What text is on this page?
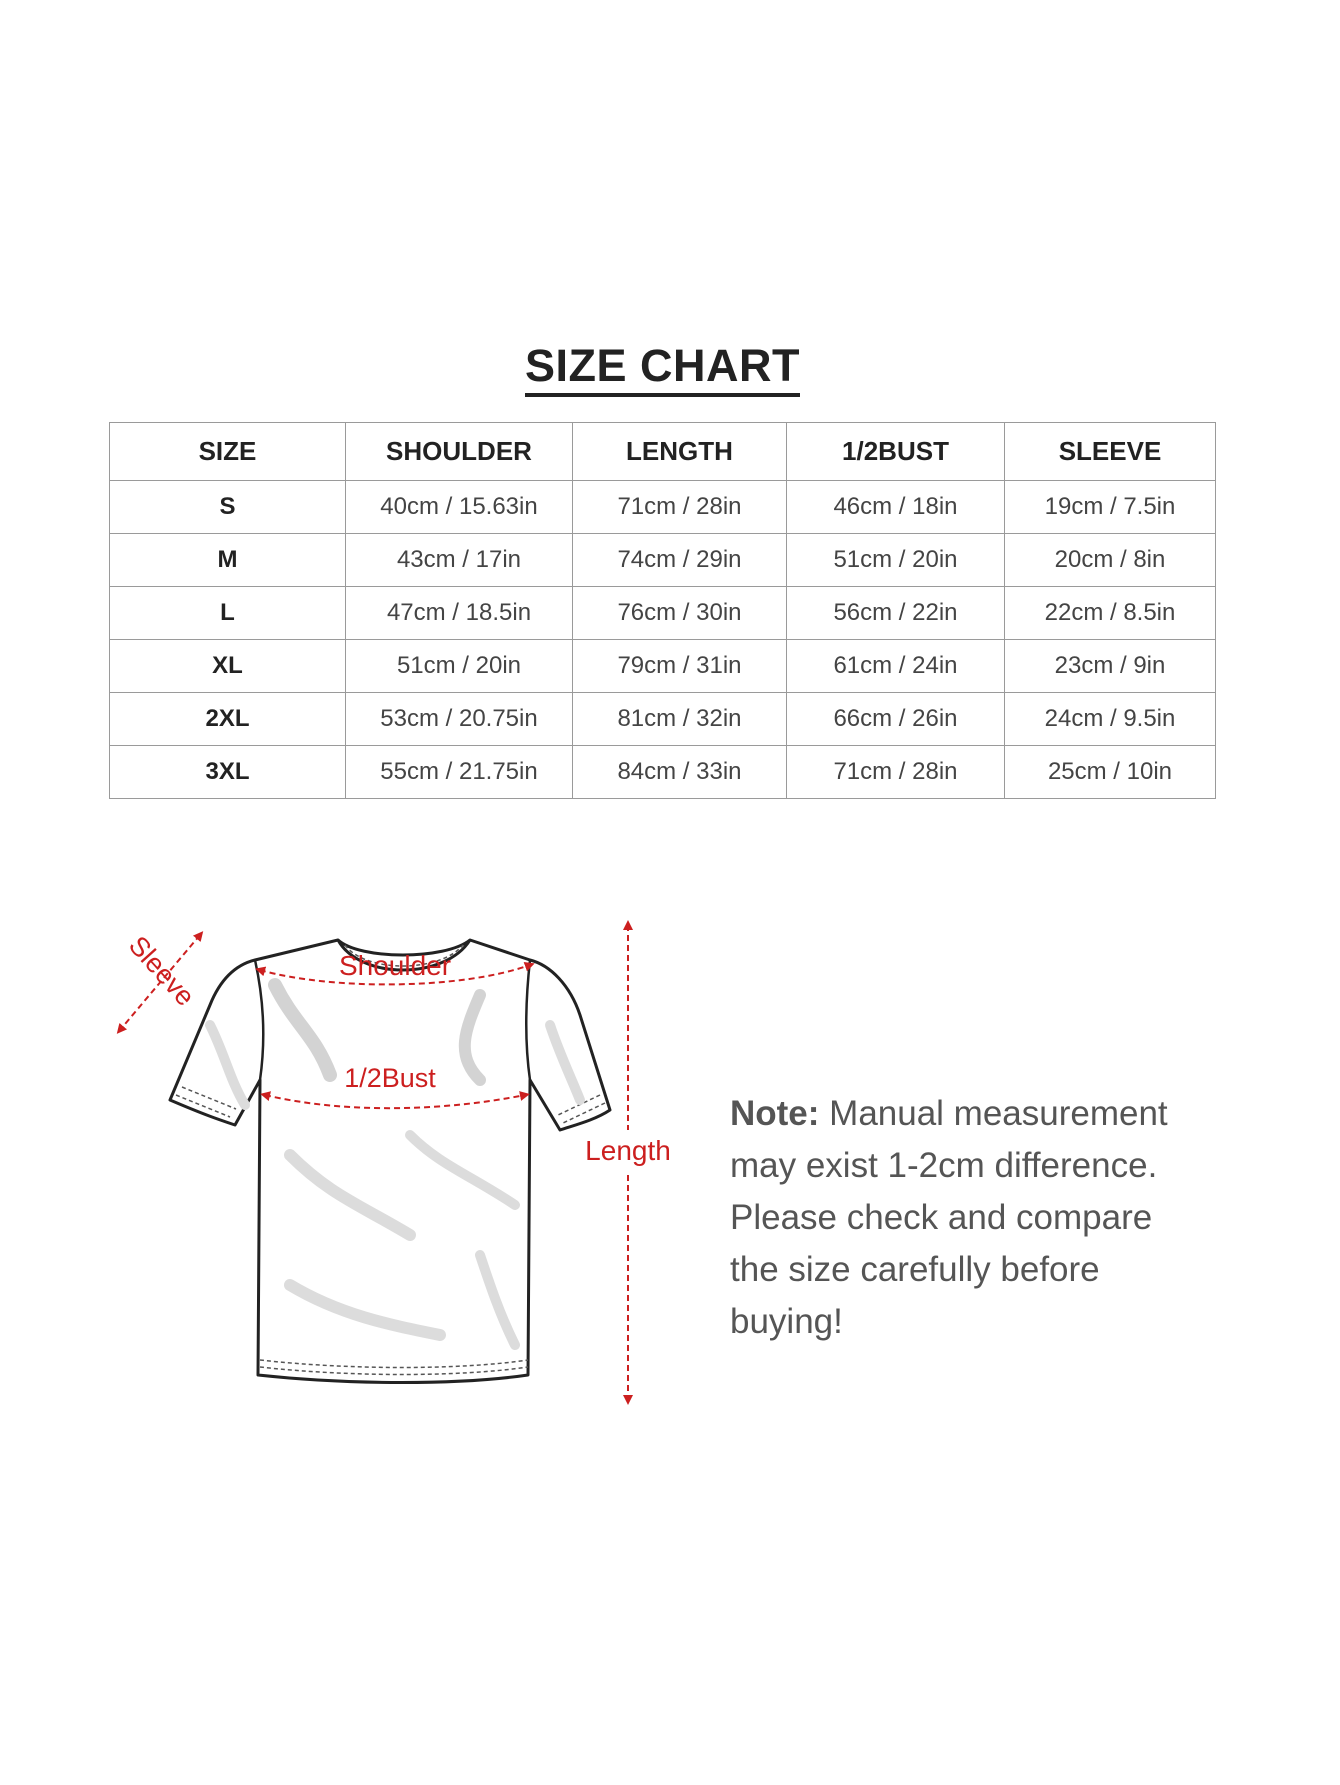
SIZE CHART
SIZE	SHOULDER	LENGTH	1/2BUST	SLEEVE
S	40cm / 15.63in	71cm / 28in	46cm / 18in	19cm / 7.5in
M	43cm / 17in	74cm / 29in	51cm / 20in	20cm / 8in
L	47cm / 18.5in	76cm / 30in	56cm / 22in	22cm / 8.5in
XL	51cm / 20in	79cm / 31in	61cm / 24in	23cm / 9in
2XL	53cm / 20.75in	81cm / 32in	66cm / 26in	24cm / 9.5in
3XL	55cm / 21.75in	84cm / 33in	71cm / 28in	25cm / 10in
Shoulder
1/2Bust
Sleeve
Length
Note: Manual measurement may exist 1-2cm difference. Please check and compare the size carefully before buying!
